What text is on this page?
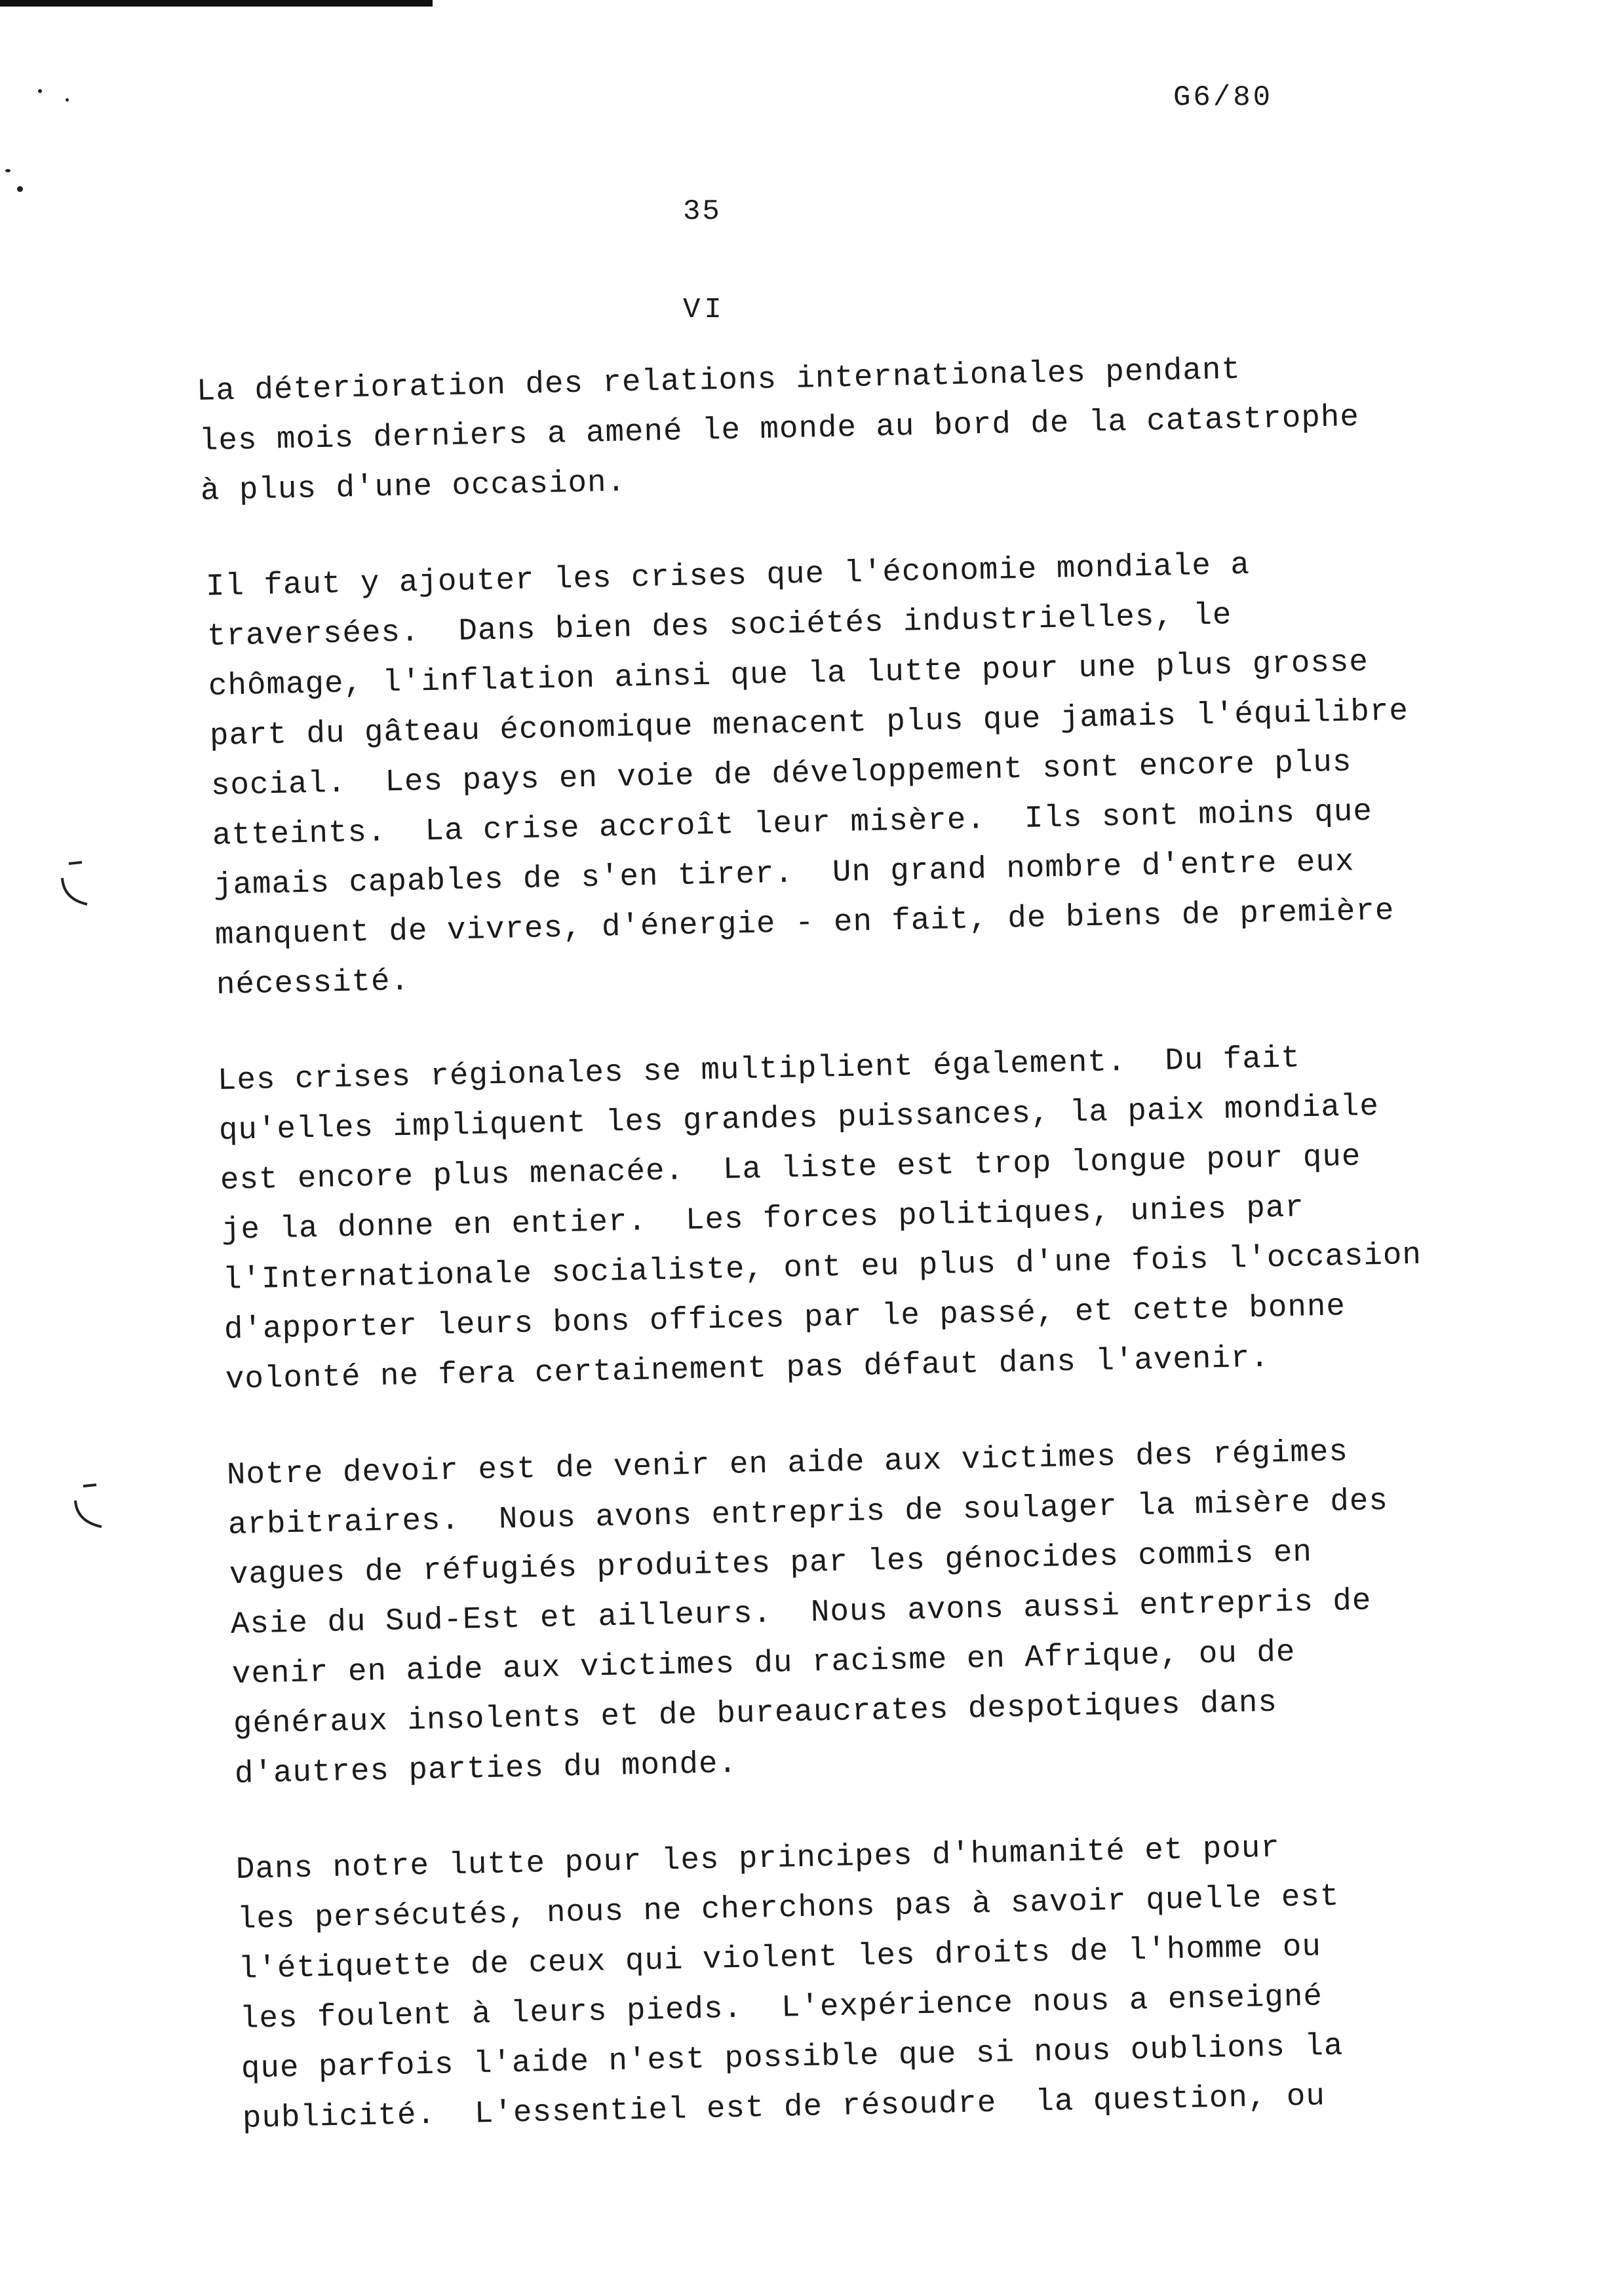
G6/80
35
VI
La déterioration des relations internationales pendant
les mois derniers a amené le monde au bord de la catastrophe
à plus d'une occasion.
Il faut y ajouter les crises que l'économie mondiale a
traversées.  Dans bien des sociétés industrielles, le
chômage, l'inflation ainsi que la lutte pour une plus grosse
part du gâteau économique menacent plus que jamais l'équilibre
social.  Les pays en voie de développement sont encore plus
atteints.  La crise accroît leur misère.  Ils sont moins que
jamais capables de s'en tirer.  Un grand nombre d'entre eux
manquent de vivres, d'énergie - en fait, de biens de première
nécessité.
Les crises régionales se multiplient également.  Du fait
qu'elles impliquent les grandes puissances, la paix mondiale
est encore plus menacée.  La liste est trop longue pour que
je la donne en entier.  Les forces politiques, unies par
l'Internationale socialiste, ont eu plus d'une fois l'occasion
d'apporter leurs bons offices par le passé, et cette bonne
volonté ne fera certainement pas défaut dans l'avenir.
Notre devoir est de venir en aide aux victimes des régimes
arbitraires.  Nous avons entrepris de soulager la misère des
vagues de réfugiés produites par les génocides commis en
Asie du Sud-Est et ailleurs.  Nous avons aussi entrepris de
venir en aide aux victimes du racisme en Afrique, ou de
généraux insolents et de bureaucrates despotiques dans
d'autres parties du monde.
Dans notre lutte pour les principes d'humanité et pour
les persécutés, nous ne cherchons pas à savoir quelle est
l'étiquette de ceux qui violent les droits de l'homme ou
les foulent à leurs pieds.  L'expérience nous a enseigné
que parfois l'aide n'est possible que si nous oublions la
publicité.  L'essentiel est de résoudre  la question, ou
